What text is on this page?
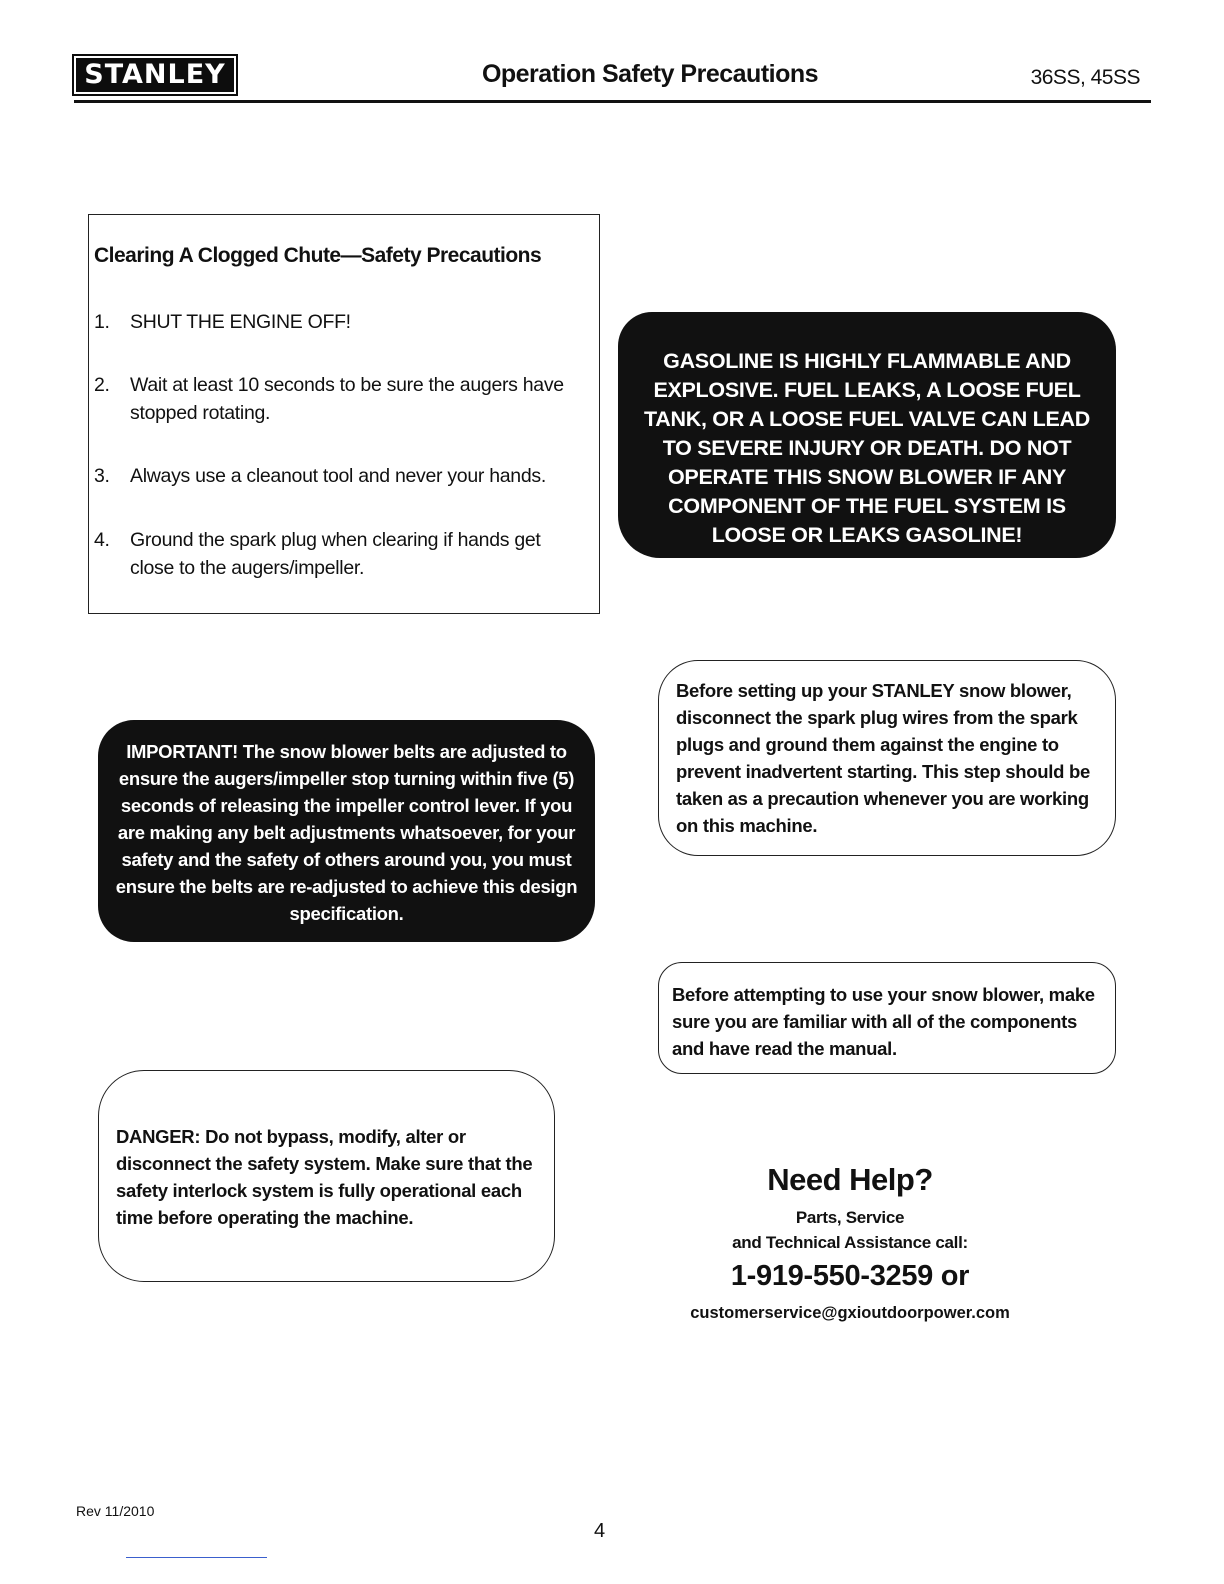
STANLEY	Operation Safety Precautions	36SS, 45SS
Clearing A Clogged Chute—Safety Precautions
1. SHUT THE ENGINE OFF!
2. Wait at least 10 seconds to be sure the augers have stopped rotating.
3. Always use a cleanout tool and never your hands.
4. Ground the spark plug when clearing if hands get close to the augers/impeller.
GASOLINE IS HIGHLY FLAMMABLE AND EXPLOSIVE. FUEL LEAKS, A LOOSE FUEL TANK, OR A LOOSE FUEL VALVE CAN LEAD TO SEVERE INJURY OR DEATH. DO NOT OPERATE THIS SNOW BLOWER IF ANY COMPONENT OF THE FUEL SYSTEM IS LOOSE OR LEAKS GASOLINE!
Before setting up your STANLEY snow blower, disconnect the spark plug wires from the spark plugs and ground them against the engine to prevent inadvertent starting. This step should be taken as a precaution whenever you are working on this machine.
IMPORTANT! The snow blower belts are adjusted to ensure the augers/impeller stop turning within five (5) seconds of releasing the impeller control lever. If you are making any belt adjustments whatsoever, for your safety and the safety of others around you, you must ensure the belts are re-adjusted to achieve this design specification.
Before attempting to use your snow blower, make sure you are familiar with all of the components and have read the manual.
DANGER: Do not bypass, modify, alter or disconnect the safety system. Make sure that the safety interlock system is fully operational each time before operating the machine.
Need Help?
Parts, Service
and Technical Assistance call:
1-919-550-3259 or
customerservice@gxioutdoorpower.com
Rev 11/2010
4
